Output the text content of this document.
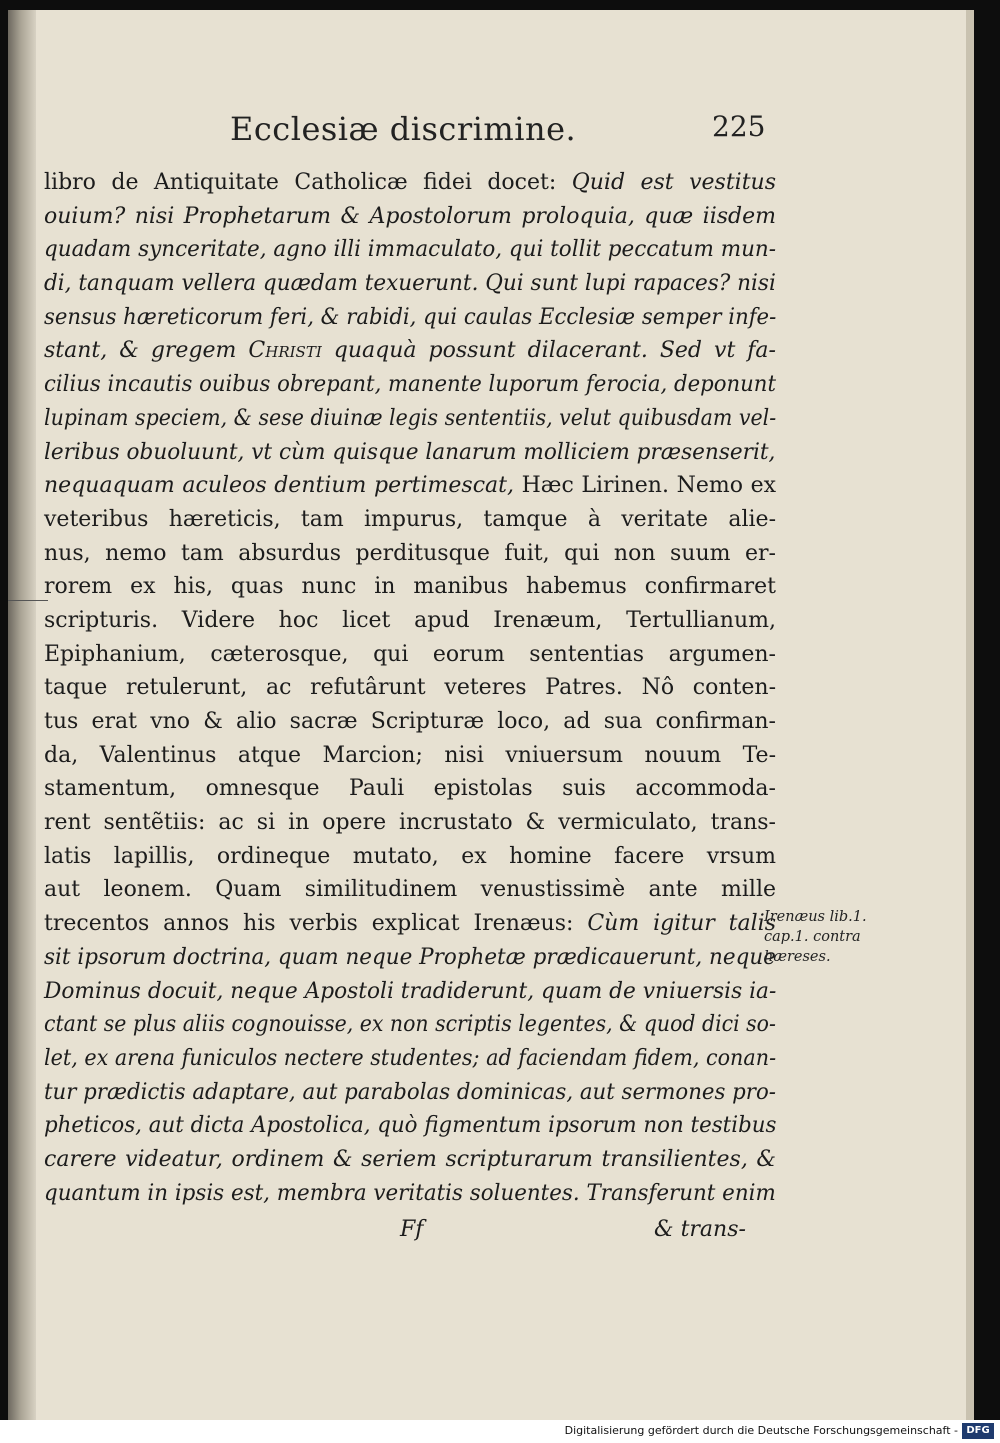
Ecclesiæ discrimine.	225
libro de Antiquitate Catholicæ fidei docet: Quid est vestitus
ouium? nisi Prophetarum & Apostolorum proloquia, quæ iisdem
quadam synceritate, agno illi immaculato, qui tollit peccatum mun-
di, tanquam vellera quædam texuerunt. Qui sunt lupi rapaces? nisi
sensus hæreticorum feri, & rabidi, qui caulas Ecclesiæ semper infe-
stant, & gregem Christi quaquà possunt dilacerant. Sed vt fa-
cilius incautis ouibus obrepant, manente luporum ferocia, deponunt
lupinam speciem, & sese diuinæ legis sententiis, velut quibusdam vel-
leribus obuoluunt, vt cùm quisque lanarum molliciem præsenserit,
nequaquam aculeos dentium pertimescat, Hæc Lirinen. Nemo ex
veteribus hæreticis, tam impurus, tamque à veritate alie-
nus, nemo tam absurdus perditusque fuit, qui non suum er-
rorem ex his, quas nunc in manibus habemus confirmaret
scripturis. Videre hoc licet apud Irenæum, Tertullianum,
Epiphanium, cæterosque, qui eorum sententias argumen-
taque retulerunt, ac refutârunt veteres Patres. Nô conten-
tus erat vno & alio sacræ Scripturæ loco, ad sua confirman-
da, Valentinus atque Marcion; nisi vniuersum nouum Te-
stamentum, omnesque Pauli epistolas suis accommoda-
rent sentẽtiis: ac si in opere incrustato & vermiculato, trans-
latis lapillis, ordineque mutato, ex homine facere vrsum
aut leonem. Quam similitudinem venustissimè ante mille
trecentos annos his verbis explicat Irenæus: Cùm igitur talis
sit ipsorum doctrina, quam neque Prophetæ prædicauerunt, neque
Dominus docuit, neque Apostoli tradiderunt, quam de vniuersis ia-
ctant se plus aliis cognouisse, ex non scriptis legentes, & quod dici so-
let, ex arena funiculos nectere studentes; ad faciendam fidem, conan-
tur prædictis adaptare, aut parabolas dominicas, aut sermones pro-
pheticos, aut dicta Apostolica, quò figmentum ipsorum non testibus
carere videatur, ordinem & seriem scripturarum transilientes, &
quantum in ipsis est, membra veritatis soluentes. Transferunt enim
Irenæus lib.1.
cap.1. contra
hæreses.
Ff	& trans-
Digitalisierung gefördert durch die Deutsche Forschungsgemeinschaft - DFG
